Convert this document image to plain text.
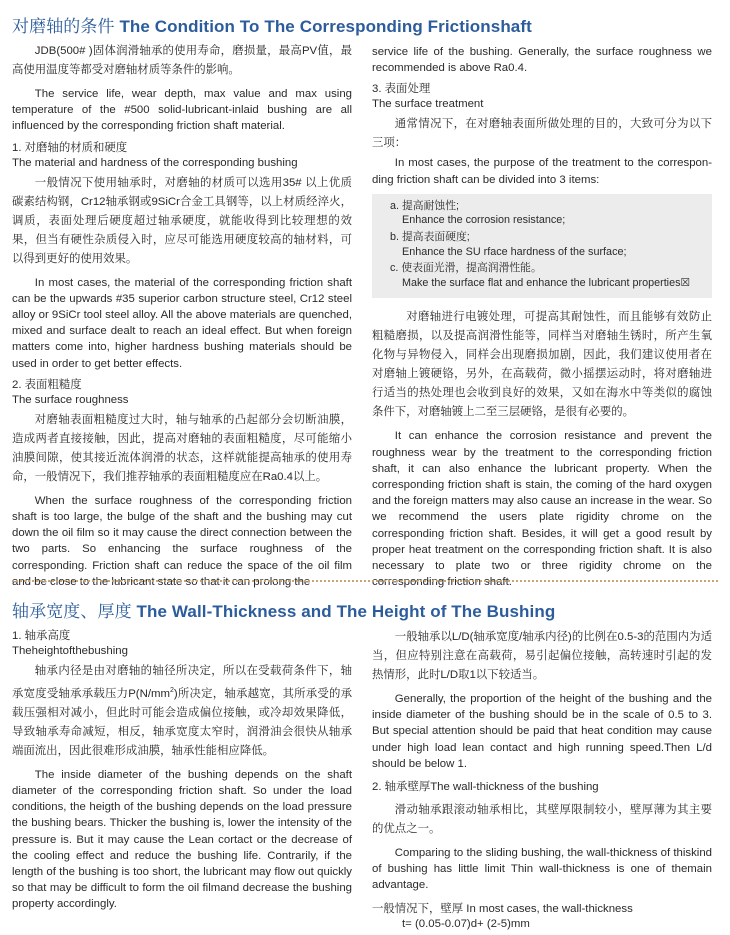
对磨轴的条件 The Condition To The Corresponding Frictionshaft

JDB(500# )固体润滑轴承的使用寿命，磨损量，最高PV值，最高使用温度等都受对磨轴材质等条件的影响。

The service life, wear depth, max value and max using temperature of the #500 solid-lubricant-inlaid bushing are all influenced by the corresponding friction shaft material.

1. 对磨轴的材质和硬度
The material and hardness of the corresponding bushing

一般情况下使用轴承时，对磨轴的材质可以选用35# 以上优质碳素结构钢，Cr12轴承钢或9SiCr合金工具钢等，以上材质经淬火，调质，表面处理后硬度超过轴承硬度，就能收得到比较理想的效果，但当有硬性杂质侵入时，应尽可能选用硬度较高的轴材料，可以得到更好的使用效果。

In most cases, the material of the corresponding friction shaft can be the upwards #35 superior carbon structure steel, Cr12 steel alloy or 9SiCr tool steel alloy. All the above materials are quenched, mixed and surface dealt to reach an ideal effect. But when foreign matters come into, higher hardness bushing materials should be used in order to get better effects.

2. 表面粗糙度
The surface roughness

对磨轴表面粗糙度过大时，轴与轴承的凸起部分会切断油膜，造成两者直接接触，因此，提高对磨轴的表面粗糙度，尽可能缩小油膜间隙，使其接近流体润滑的状态，这样就能提高轴承的使用寿命，一般情况下，我们推荐轴承的表面粗糙度应在Ra0.4以上。

When the surface roughness of the corresponding friction shaft is too large, the bulge of the shaft and the bushing may cut down the oil film so it may cause the direct connection between the two parts. So enhancing the surface roughness of the corresponding. Friction shaft can reduce the space of the oil film and be close to the lubricant state so that it can prolong the

service life of the bushing. Generally, the surface roughness we recommended is above Ra0.4.

3. 表面处理
The surface treatment

通常情况下，在对磨轴表面所做处理的目的，大致可分为以下三项：

In most cases, the purpose of the treatment to the correspon-ding friction shaft can be divided into 3 items:

a. 提高耐蚀性;
Enhance the corrosion resistance;
b. 提高表面硬度;
Enhance the SU rface hardness of the surface;
c. 使表面光滑，提高润滑性能。
Make the surface flat and enhance the lubricant properties☒

对磨轴进行电镀处理，可提高其耐蚀性，而且能够有效防止粗糙磨损，以及提高润滑性能等，同样当对磨轴生锈时，所产生氧化物与异物侵入，同样会出现磨损加剧，因此，我们建议使用者在对磨轴上镀硬铬，另外，在高载荷，微小摇摆运动时，将对磨轴进行适当的热处理也会收到良好的效果，又如在海水中等类似的腐蚀条件下，对磨轴镀上二至三层硬铬，是很有必要的。

It can enhance the corrosion resistance and prevent the roughness wear by the treatment to the corresponding friction shaft, it can also enhance the lubricant property. When the corresponding friction shaft is stain, the coming of the hard oxygen and the foreign matters may also cause an increase in the wear. So we recommend the users plate rigidity chrome on the corresponding friction shaft. Besides, it will get a good result by proper heat treatment on the corresponding friction shaft. It is also necessary to plate two or three rigidity chrome on the corresponding friction shaft.

轴承宽度、厚度 The Wall-Thickness and The Height of The Bushing

1. 轴承高度
Theheightofthebushing

轴承内径是由对磨轴的轴径所决定，所以在受载荷条件下，轴承宽度受轴承承载压力$P(N/mm^2)$所决定，轴承越宽，其所承受的承载压强相对减小，但此时可能会造成偏位接触，或冷却效果降低，导致轴承寿命减短，相反，轴承宽度太窄时，润滑油会很快从轴承端面流出，因此很难形成油膜，轴承性能相应降低。

The inside diameter of the bushing depends on the shaft diameter of the corresponding friction shaft. So under the load conditions, the heigth of the bushing depends on the load pressure the bushing bears. Thicker the bushing is, lower the intensity of the pressure is. But it may cause the Lean cortact or the decrease of the cooling effect and reduce the bushing life. Contrarily, if the length of the bushing is too short, the lubricant may flow out quickly so that may be difficult to form the oil filmand decrease the bushing property accordingly.

一般轴承以L/D(轴承宽度/轴承内径)的比例在0.5-3的范围内为适当，但应特别注意在高载荷，易引起偏位接触，高转速时引起的发热情形，此时L/D取1以下较适当。

Generally, the proportion of the height of the bushing and the inside diameter of the bushing should be in the scale of 0.5 to 3. But special attention should be paid that heat condition may cause under high load lean contact and high running speed.Then L/d should be below 1.

2. 轴承壁厚The wall-thickness of the bushing

滑动轴承跟滚动轴承相比，其壁厚限制较小，壁厚薄为其主要的优点之一。

Comparing to the sliding bushing, the wall-thickness of thiskind of bushing has little limit Thin wall-thickness is one of themain advantage.

一般情况下，壁厚 In most cases, the wall-thickness
t= (0.05-0.07)d+ (2-5)mm
